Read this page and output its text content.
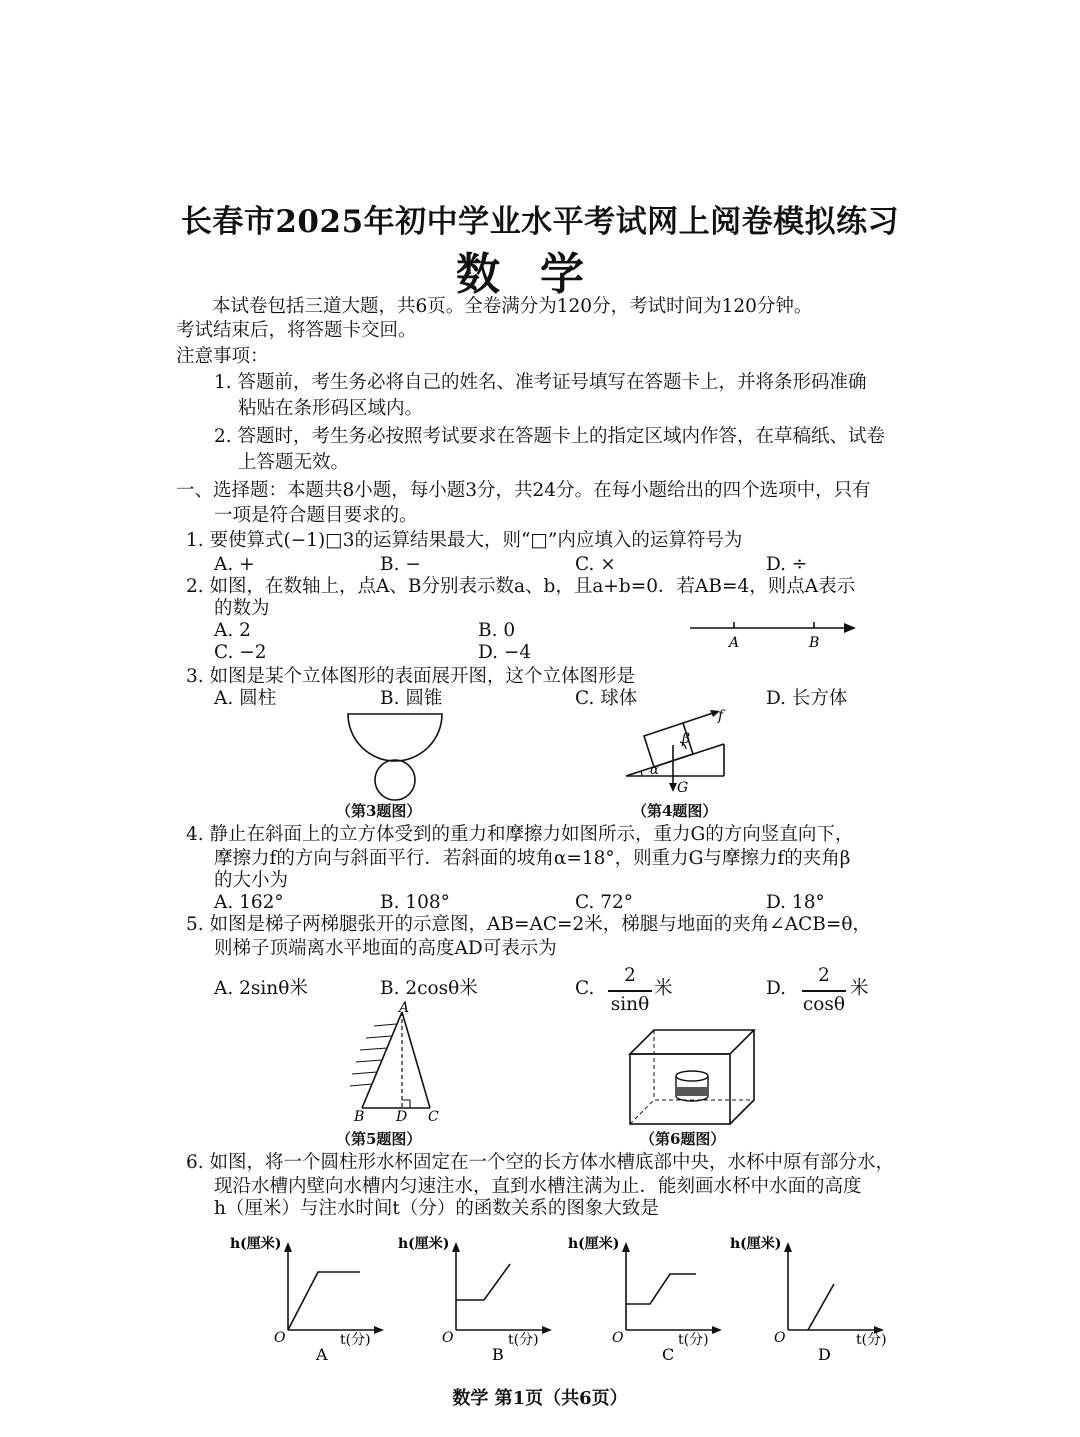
长春市2025年初中学业水平考试网上阅卷模拟练习
数学
本试卷包括三道大题，共6页。全卷满分为120分，考试时间为120分钟。
考试结束后，将答题卡交回。
注意事项：
1. 答题前，考生务必将自己的姓名、准考证号填写在答题卡上，并将条形码准确
粘贴在条形码区域内。
2. 答题时，考生务必按照考试要求在答题卡上的指定区域内作答，在草稿纸、试卷
上答题无效。
一、选择题：本题共8小题，每小题3分，共24分。在每小题给出的四个选项中，只有
一项是符合题目要求的。
1. 要使算式(−1)□3的运算结果最大，则“□”内应填入的运算符号为
A. +	B. −	C. ×	D. ÷
2. 如图，在数轴上，点A、B分别表示数a、b，且a+b=0．若AB=4，则点A表示
的数为
A. 2	B. 0
C. −2	D. −4	A	B
3. 如图是某个立体图形的表面展开图，这个立体图形是
A. 圆柱	B. 圆锥	C. 球体	D. 长方体
（第3题图）
f
β
α
G
（第4题图）
4. 静止在斜面上的立方体受到的重力和摩擦力如图所示，重力G的方向竖直向下，
摩擦力f的方向与斜面平行．若斜面的坡角α=18°，则重力G与摩擦力f的夹角β
的大小为
A. 162°	B. 108°	C. 72°	D. 18°
5. 如图是梯子两梯腿张开的示意图，AB=AC=2米，梯腿与地面的夹角∠ACB=θ，
则梯子顶端离水平地面的高度AD可表示为
A. 2sinθ米	B. 2cosθ米	C.
2
sinθ
米	D.
2
cosθ
米
A
B D C
（第5题图）	（第6题图）
6. 如图，将一个圆柱形水杯固定在一个空的长方体水槽底部中央，水杯中原有部分水，
现沿水槽内壁向水槽内匀速注水，直到水槽注满为止．能刻画水杯中水面的高度
h（厘米）与注水时间t（分）的函数关系的图象大致是
h(厘米)
O	t(分)
A
h(厘米)
O	t(分)
B
h(厘米)
O	t(分)
C
h(厘米)
O	t(分)
D
数学 第1页（共6页）
